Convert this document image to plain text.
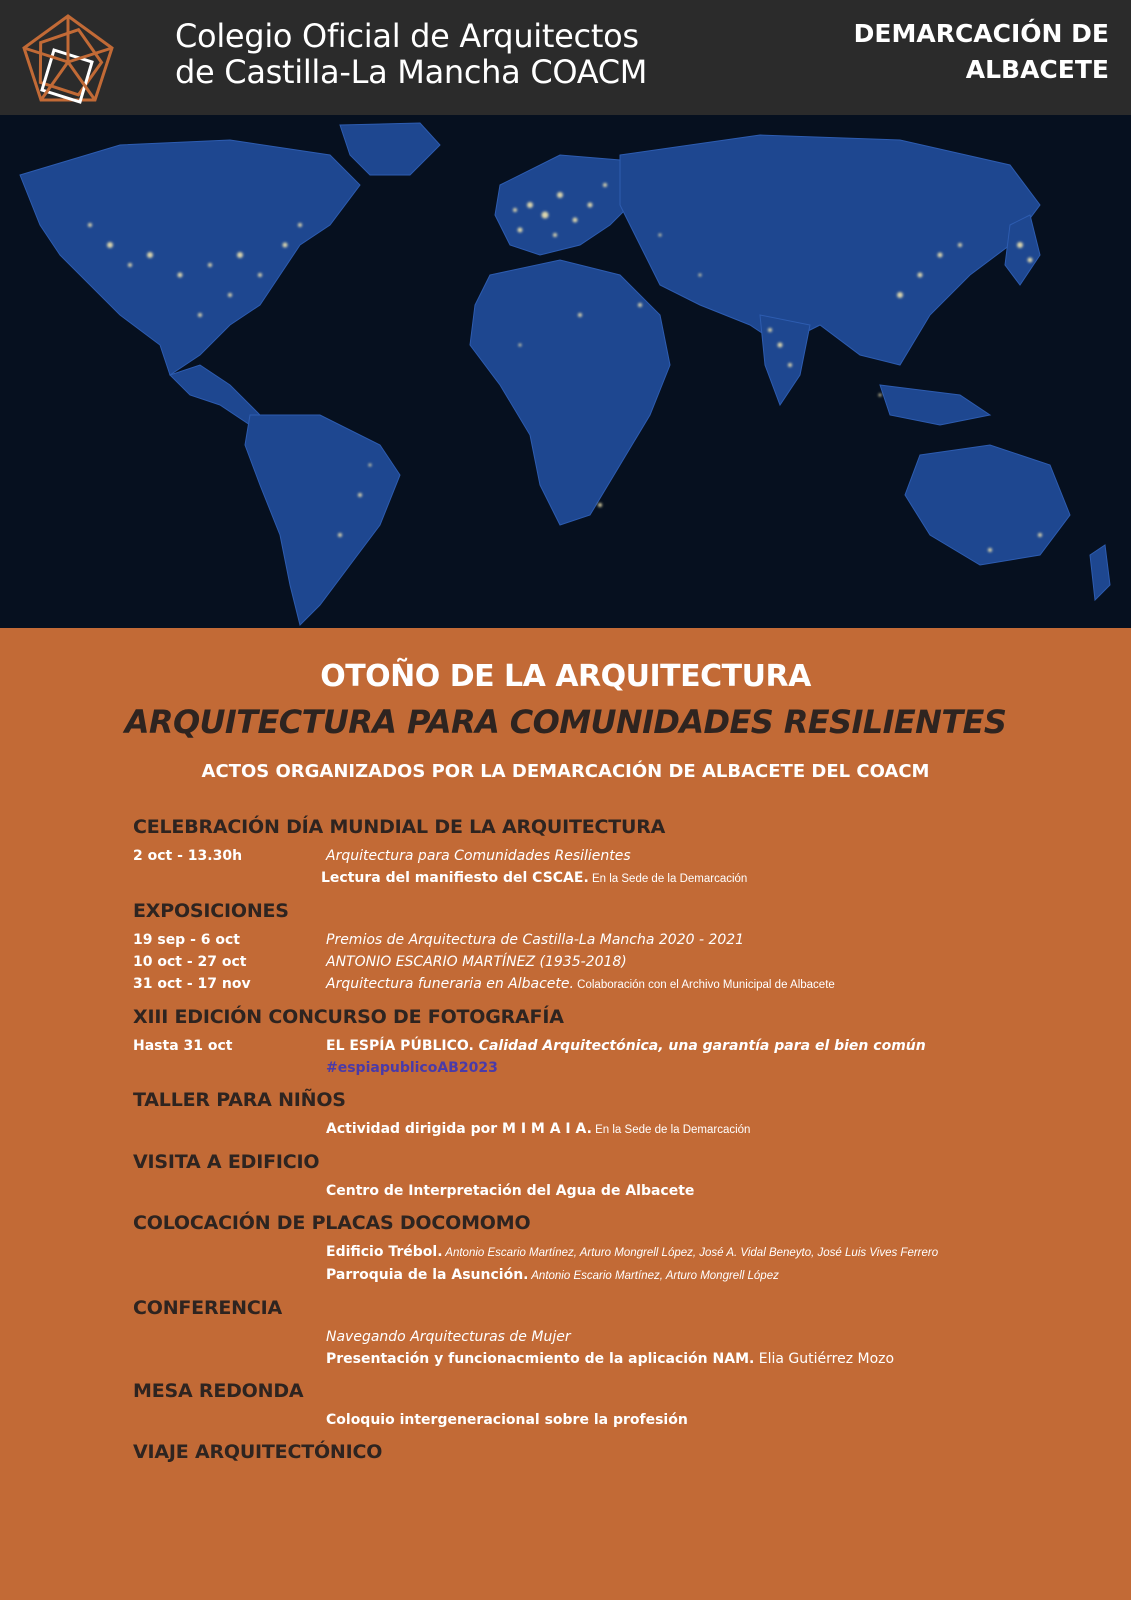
Colegio Oficial de Arquitectos
de Castilla-La Mancha COACM
DEMARCACIÓN DE
ALBACETE
OTOÑO DE LA ARQUITECTURA
ARQUITECTURA PARA COMUNIDADES RESILIENTES
ACTOS ORGANIZADOS POR LA DEMARCACIÓN DE ALBACETE DEL COACM
CELEBRACIÓN DÍA MUNDIAL DE LA ARQUITECTURA
2 oct - 13.30h	Arquitectura para Comunidades Resilientes
Lectura del manifiesto del CSCAE. En la Sede de la Demarcación
EXPOSICIONES
19 sep - 6 oct	Premios de Arquitectura de Castilla-La Mancha 2020 - 2021
10 oct - 27 oct	ANTONIO ESCARIO MARTÍNEZ (1935-2018)
31 oct - 17 nov	Arquitectura funeraria en Albacete. Colaboración con el Archivo Municipal de Albacete
XIII EDICIÓN CONCURSO DE FOTOGRAFÍA
Hasta 31 oct	EL ESPÍA PÚBLICO. Calidad Arquitectónica, una garantía para el bien común
#espiapublicoAB2023
TALLER PARA NIÑOS
Actividad dirigida por M I M A I A. En la Sede de la Demarcación
VISITA A EDIFICIO
Centro de Interpretación del Agua de Albacete
COLOCACIÓN DE PLACAS DOCOMOMO
Edificio Trébol. Antonio Escario Martínez, Arturo Mongrell López, José A. Vidal Beneyto, José Luis Vives Ferrero
Parroquia de la Asunción. Antonio Escario Martínez, Arturo Mongrell López
CONFERENCIA
Navegando Arquitecturas de Mujer
Presentación y funcionacmiento de la aplicación NAM. Elia Gutiérrez Mozo
MESA REDONDA
Coloquio intergeneracional sobre la profesión
VIAJE ARQUITECTÓNICO
